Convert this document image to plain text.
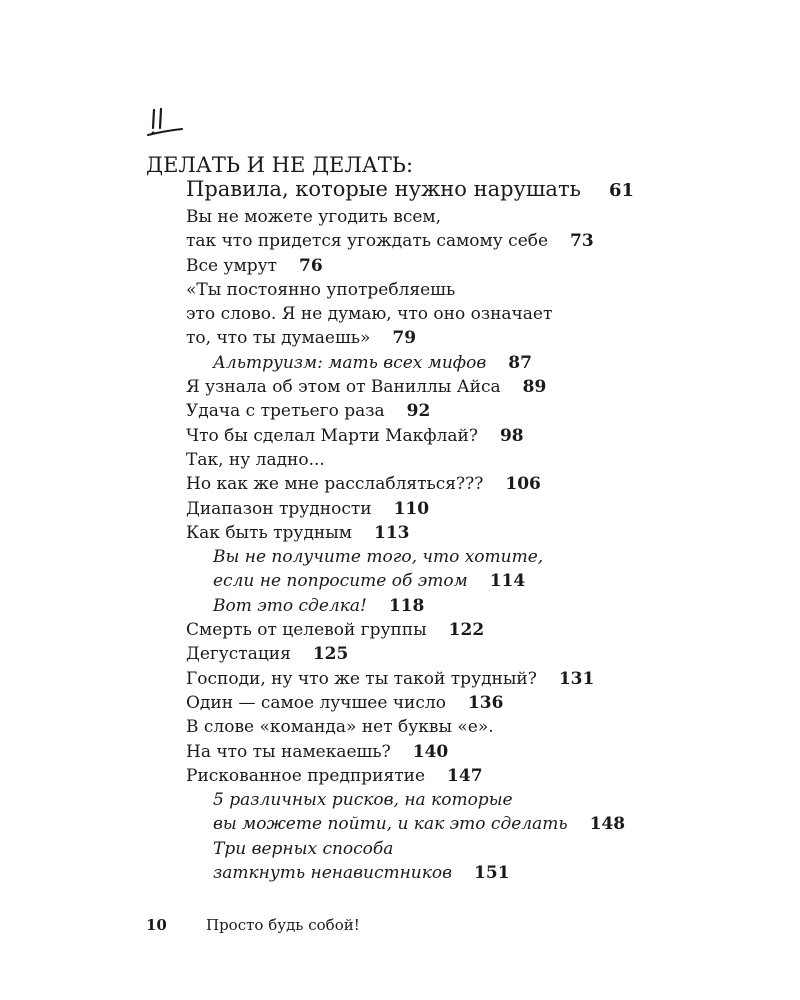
ДЕЛАТЬ И НЕ ДЕЛАТЬ:
Правила, которые нужно нарушать 61
Вы не можете угодить всем,
так что придется угождать самому себе 73
Все умрут 76
«Ты постоянно употребляешь
это слово. Я не думаю, что оно означает
то, что ты думаешь» 79
Альтруизм: мать всех мифов 87
Я узнала об этом от Ваниллы Айса 89
Удача с третьего раза 92
Что бы сделал Марти Макфлай? 98
Так, ну ладно...
Но как же мне расслабляться??? 106
Диапазон трудности 110
Как быть трудным 113
Вы не получите того, что хотите,
если не попросите об этом 114
Вот это сделка! 118
Смерть от целевой группы 122
Дегустация 125
Господи, ну что же ты такой трудный? 131
Один — самое лучшее число 136
В слове «команда» нет буквы «е».
На что ты намекаешь? 140
Рискованное предприятие 147
5 различных рисков, на которые
вы можете пойти, и как это сделать 148
Три верных способа
заткнуть ненавистников 151
10	Просто будь собой!
